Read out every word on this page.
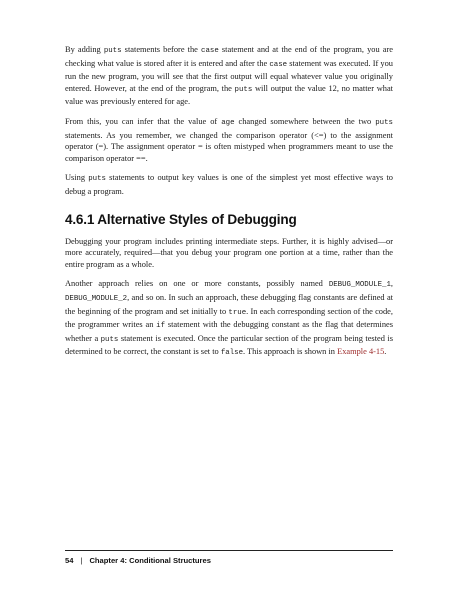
By adding puts statements before the case statement and at the end of the program, you are checking what value is stored after it is entered and after the case statement was executed. If you run the new program, you will see that the first output will equal whatever value you originally entered. However, at the end of the program, the puts will output the value 12, no matter what value was previously entered for age.

From this, you can infer that the value of age changed somewhere between the two puts statements. As you remember, we changed the comparison operator (<=) to the assignment operator (=). The assignment operator = is often mistyped when programmers meant to use the comparison operator ==.

Using puts statements to output key values is one of the simplest yet most effective ways to debug a program.

4.6.1 Alternative Styles of Debugging

Debugging your program includes printing intermediate steps. Further, it is highly advised—or more accurately, required—that you debug your program one portion at a time, rather than the entire program as a whole.

Another approach relies on one or more constants, possibly named DEBUG_MODULE_1, DEBUG_MODULE_2, and so on. In such an approach, these debugging flag constants are defined at the beginning of the program and set initially to true. In each corresponding section of the code, the programmer writes an if statement with the debugging constant as the flag that determines whether a puts statement is executed. Once the particular section of the program being tested is determined to be correct, the constant is set to false. This approach is shown in Example 4-15.

54 | Chapter 4: Conditional Structures
